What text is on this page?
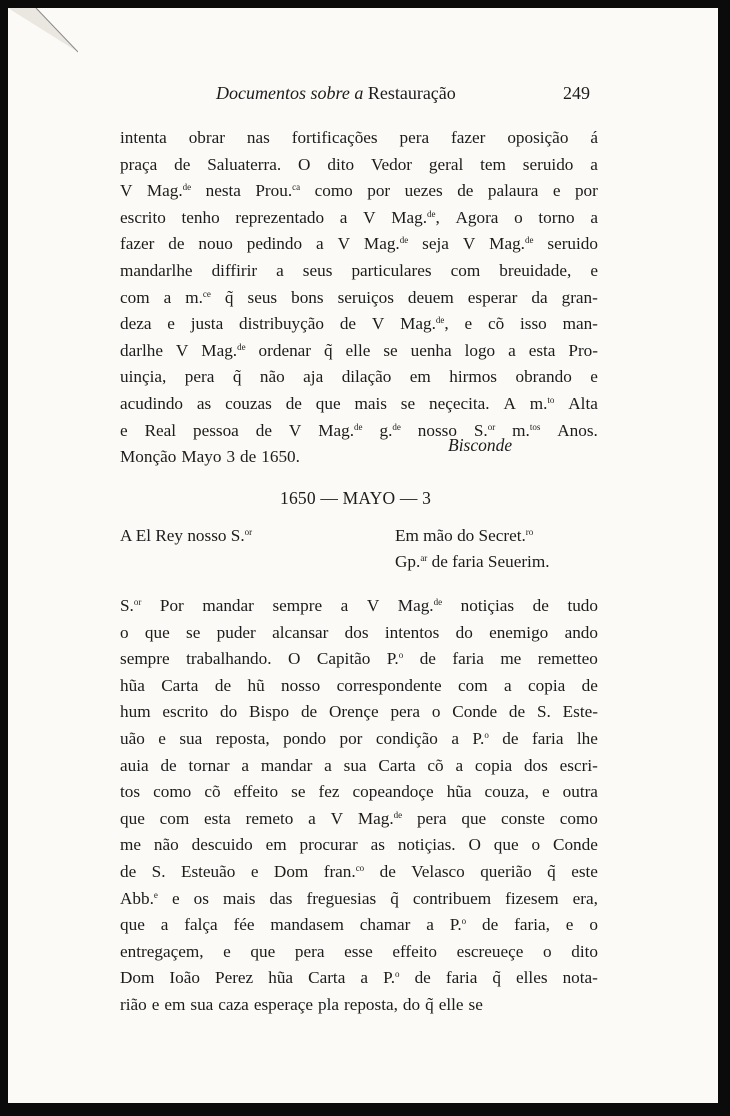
Documentos sobre a Restauração	249
intenta obrar nas fortificações pera fazer oposição á
praça de Saluaterra. O dito Vedor geral tem seruido a
V Mag.$^{de}$ nesta Prou.$^{ca}$ como por uezes de palaura e por
escrito tenho reprezentado a V Mag.$^{de}$, Agora o torno a
fazer de nouo pedindo a V Mag.$^{de}$ seja V Mag.$^{de}$ seruido
mandarlhe diffirir a seus particulares com breuidade, e
com a m.$^{ce}$ q̃ seus bons seruiços deuem esperar da gran-
deza e justa distribuyção de V Mag.$^{de}$, e cõ isso man-
darlhe V Mag.$^{de}$ ordenar q̃ elle se uenha logo a esta Pro-
uinçia, pera q̃ não aja dilação em hirmos obrando e
acudindo as couzas de que mais se neçecita. A m.$^{to}$ Alta
e Real pessoa de V Mag.$^{de}$ g.$^{de}$ nosso S.$^{or}$ m.$^{tos}$ Anos.
Monção Mayo 3 de 1650.
Bisconde
1650 — MAYO — 3
A El Rey nosso S.$^{or}$	Em mão do Secret.$^{ro}$
Gp.$^{ar}$ de faria Seuerim.
S.$^{or}$ Por mandar sempre a V Mag.$^{de}$ notiçias de tudo
o que se puder alcansar dos intentos do enemigo ando
sempre trabalhando. O Capitão P.$^o$ de faria me remetteo
hũa Carta de hũ nosso correspondente com a copia de
hum escrito do Bispo de Orençe pera o Conde de S. Este-
uão e sua reposta, pondo por condição a P.$^o$ de faria lhe
auia de tornar a mandar a sua Carta cõ a copia dos escri-
tos como cõ effeito se fez copeandoçe hũa couza, e outra
que com esta remeto a V Mag.$^{de}$ pera que conste como
me não descuido em procurar as notiçias. O que o Conde
de S. Esteuão e Dom fran.$^{co}$ de Velasco querião q̃ este
Abb.$^e$ e os mais das freguesias q̃ contribuem fizesem era,
que a falça fée mandasem chamar a P.$^o$ de faria, e o
entregaçem, e que pera esse effeito escreueçe o dito
Dom Ioão Perez hũa Carta a P.$^o$ de faria q̃ elles nota-
rião e em sua caza esperaçe pla reposta, do q̃ elle se
